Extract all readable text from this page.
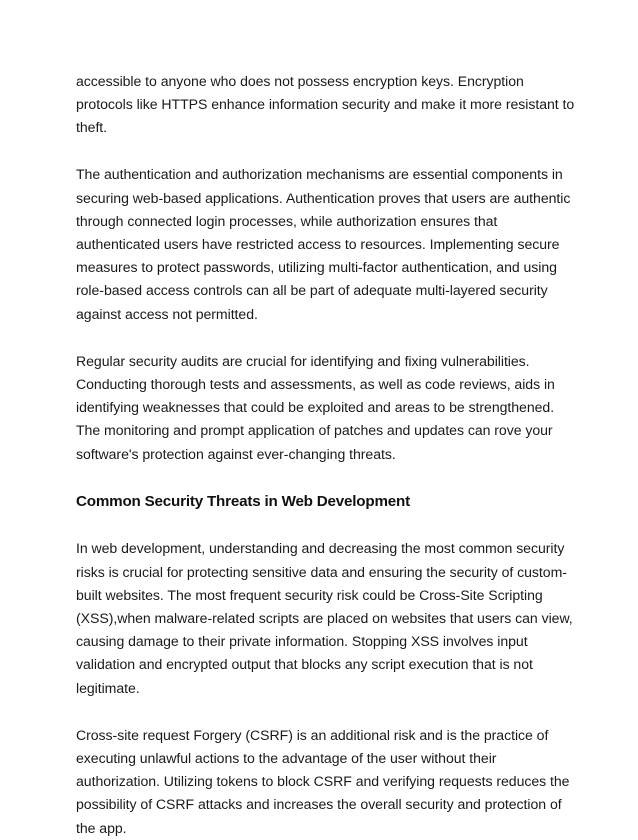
accessible to anyone who does not possess encryption keys. Encryption protocols like HTTPS enhance information security and make it more resistant to theft.

The authentication and authorization mechanisms are essential components in securing web-based applications. Authentication proves that users are authentic through connected login processes, while authorization ensures that authenticated users have restricted access to resources. Implementing secure measures to protect passwords, utilizing multi-factor authentication, and using role-based access controls can all be part of adequate multi-layered security against access not permitted.

Regular security audits are crucial for identifying and fixing vulnerabilities. Conducting thorough tests and assessments, as well as code reviews, aids in identifying weaknesses that could be exploited and areas to be strengthened. The monitoring and prompt application of patches and updates can rove your software's protection against ever-changing threats.

Common Security Threats in Web Development

In web development, understanding and decreasing the most common security risks is crucial for protecting sensitive data and ensuring the security of custom-built websites. The most frequent security risk could be Cross-Site Scripting (XSS),when malware-related scripts are placed on websites that users can view, causing damage to their private information. Stopping XSS involves input validation and encrypted output that blocks any script execution that is not legitimate.

Cross-site request Forgery (CSRF) is an additional risk and is the practice of executing unlawful actions to the advantage of the user without their authorization. Utilizing tokens to block CSRF and verifying requests reduces the possibility of CSRF attacks and increases the overall security and protection of the app.
